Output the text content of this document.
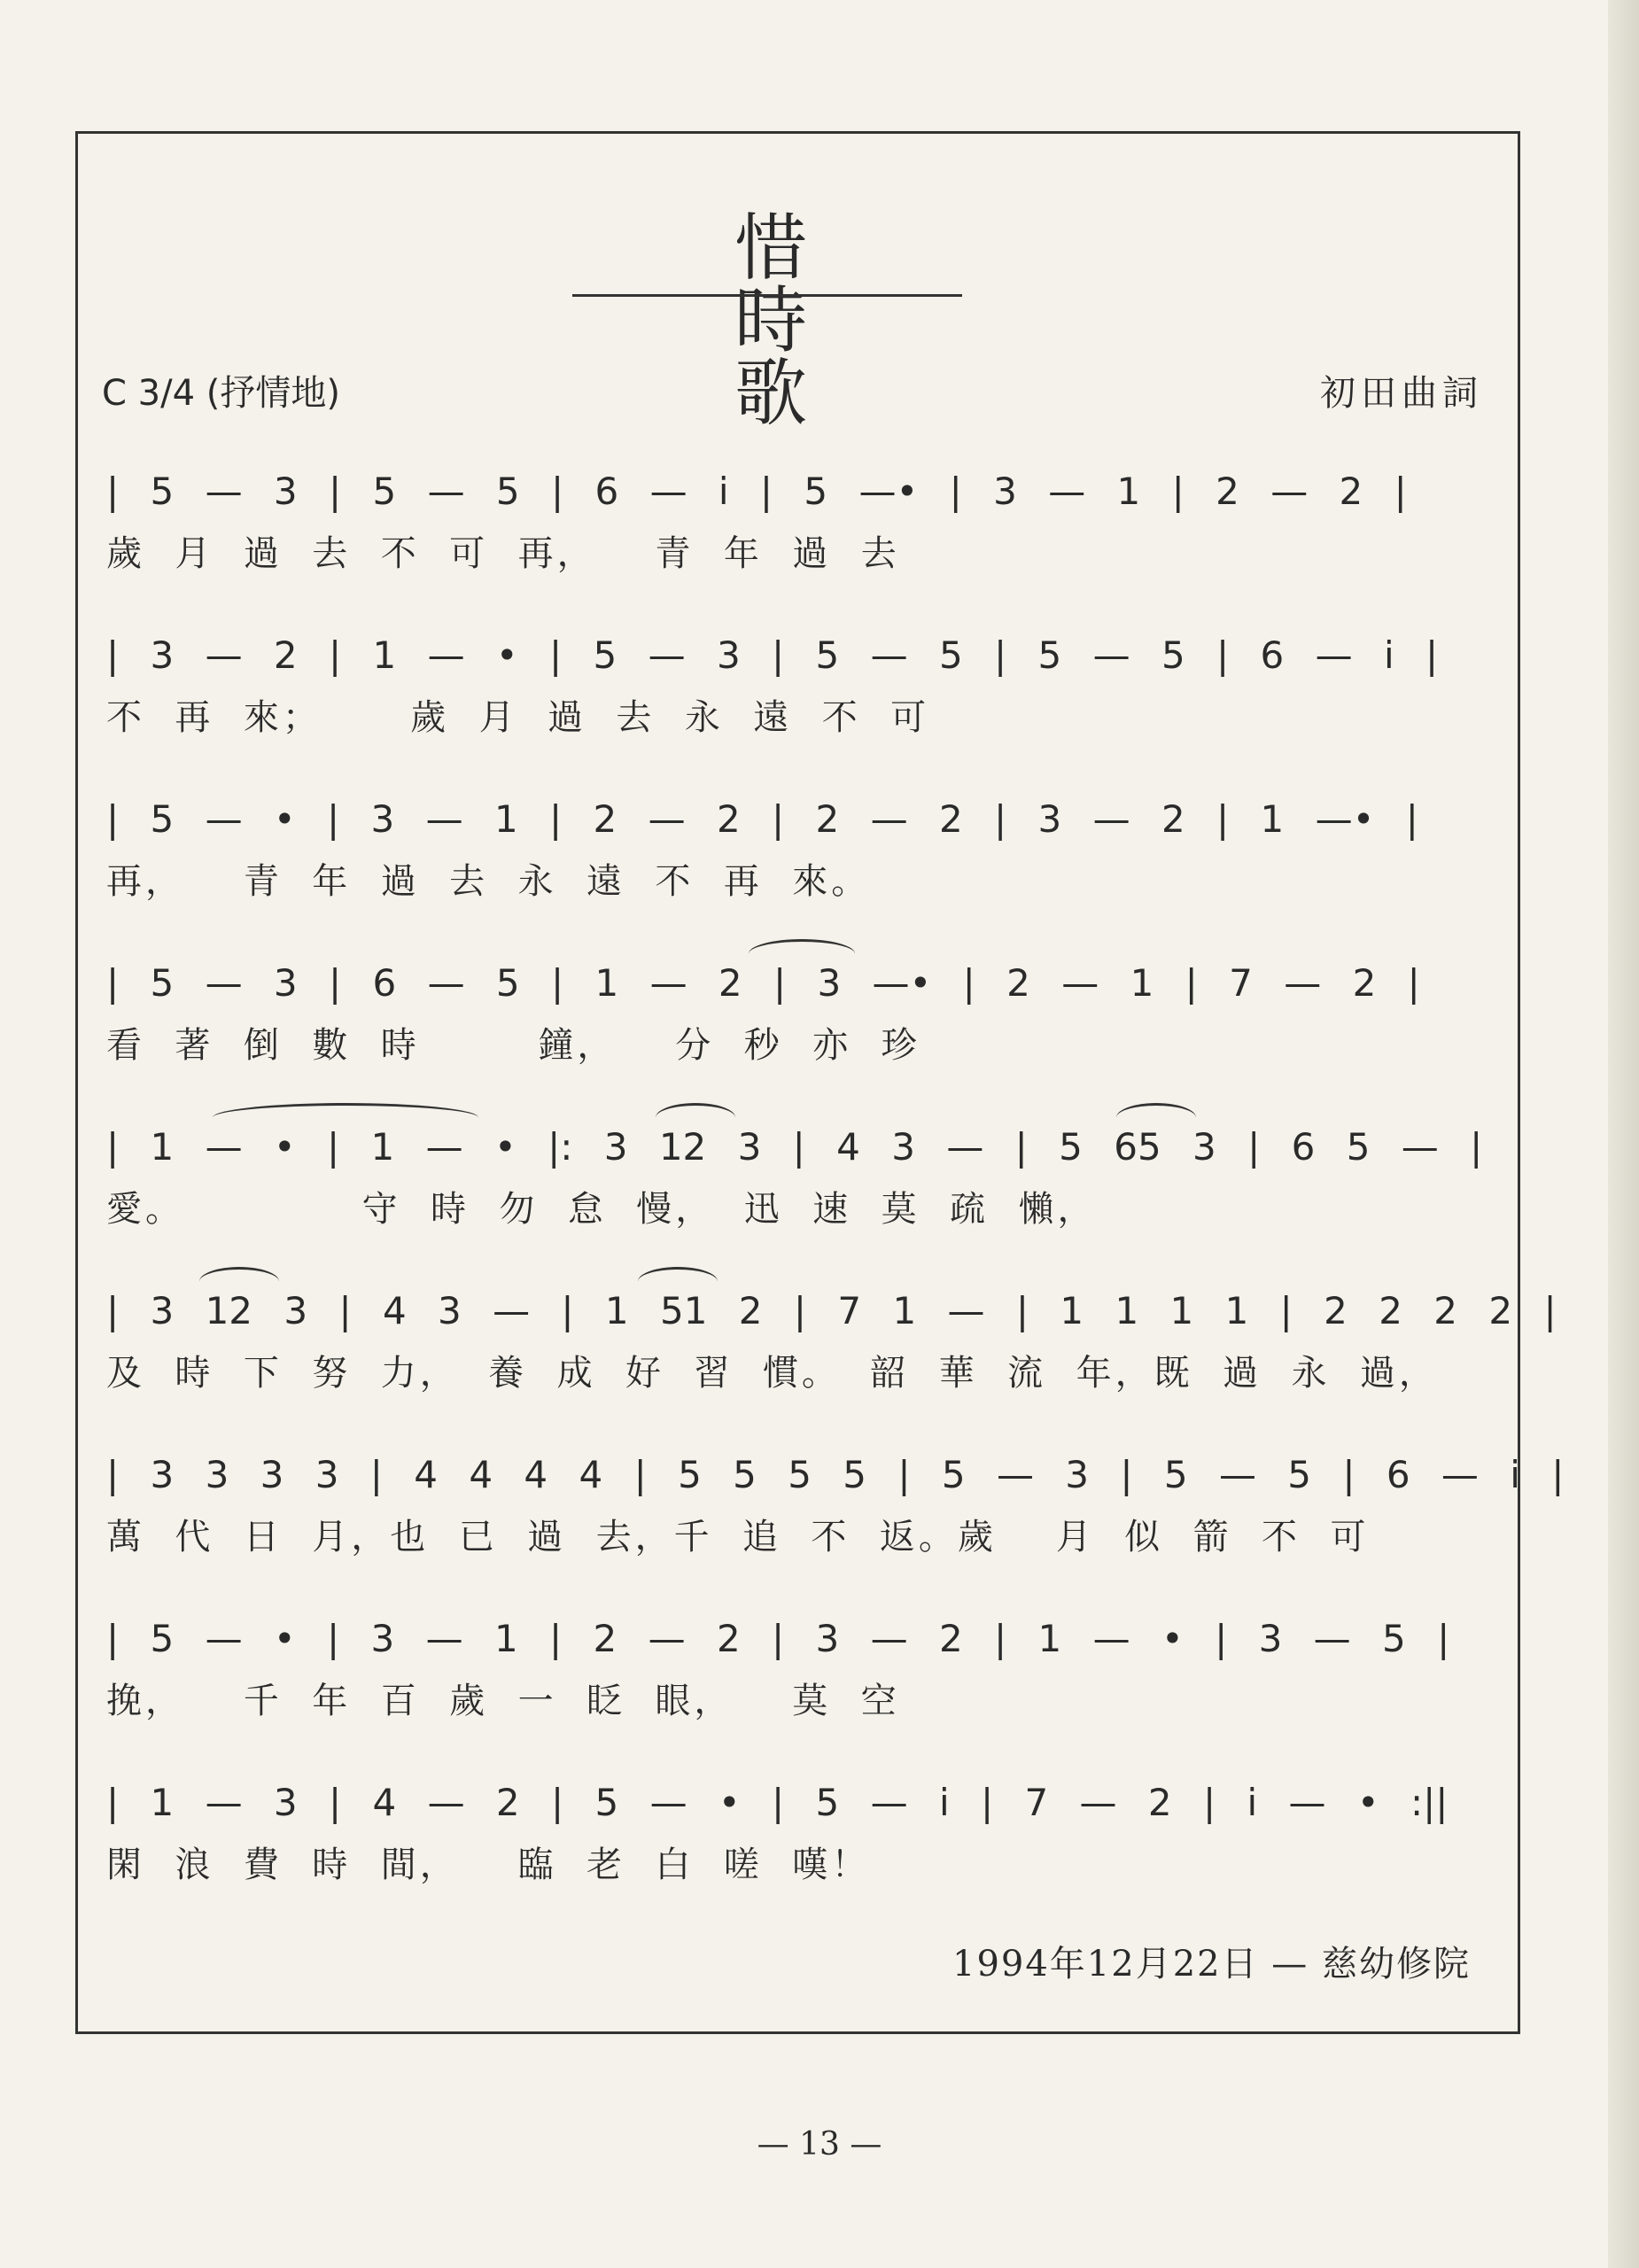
惜 時 歌
C 3/4 (抒情地)	初田曲詞
| 5 — 3 | 5 — 5 | 6 — i | 5 —• | 3 — 1 | 2 — 2 |
歲  月  過  去  不  可  再，    青  年  過  去
| 3 — 2 | 1 — • | 5 — 3 | 5 — 5 | 5 — 5 | 6 — i |
不  再  來；      歲  月  過  去  永  遠  不  可
| 5 — • | 3 — 1 | 2 — 2 | 2 — 2 | 3 — 2 | 1 —• |
再，    青  年  過  去  永  遠  不  再  來。
| 5 — 3 | 6 — 5 | 1 — 2 | 3 —• | 2 — 1 | 7 — 2 |
看  著  倒  數  時        鐘，    分  秒  亦  珍
| 1 — • | 1 — • |: 3 12 3 | 4 3 — | 5 65 3 | 6 5 — |
愛。            守  時  勿  怠  慢，  迅  速  莫  疏  懶，
| 3 12 3 | 4 3 — | 1 51 2 | 7 1 — | 1 1 1 1 | 2 2 2 2 |
及  時  下  努  力，  養  成  好  習  慣。  韶  華  流  年，既  過  永  過，
| 3 3 3 3 | 4 4 4 4 | 5 5 5 5 | 5 — 3 | 5 — 5 | 6 — i |
萬  代  日  月，也  已  過  去，千  追  不  返。歲    月  似  箭  不  可
| 5 — • | 3 — 1 | 2 — 2 | 3 — 2 | 1 — • | 3 — 5 |
挽，    千  年  百  歲  一  眨  眼，    莫  空
| 1 — 3 | 4 — 2 | 5 — • | 5 — i | 7 — 2 | i — • :||
閑  浪  費  時  間，    臨  老  白  嗟  嘆！
1994年12月22日 — 慈幼修院
— 13 —
